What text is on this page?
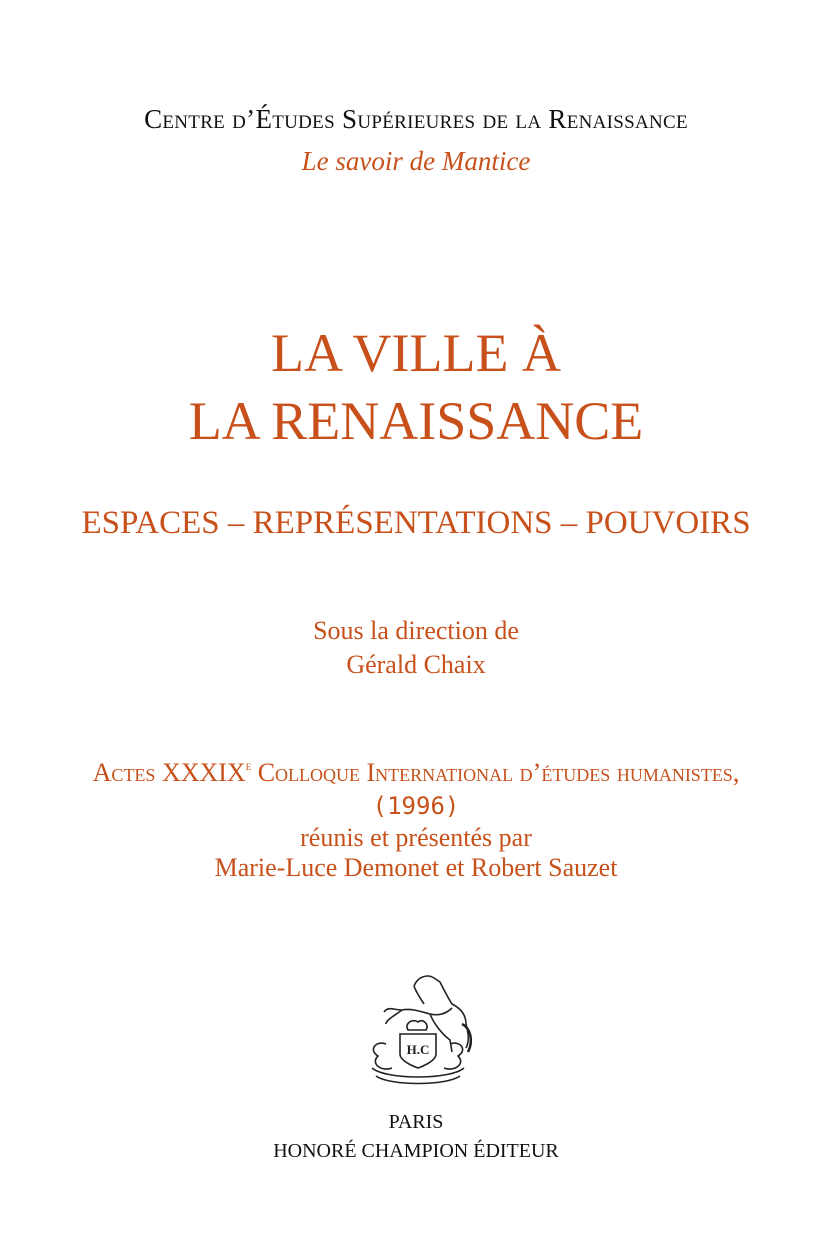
Centre d’Études Supérieures de la Renaissance
Le savoir de Mantice
LA VILLE À
LA RENAISSANCE
ESPACES – REPRÉSENTATIONS – POUVOIRS
Sous la direction de
Gérald Chaix
Actes XXXIXe Colloque International d’études humanistes,
(1996)
réunis et présentés par
Marie-Luce Demonet et Robert Sauzet
H.C
PARIS
HONORÉ CHAMPION ÉDITEUR
